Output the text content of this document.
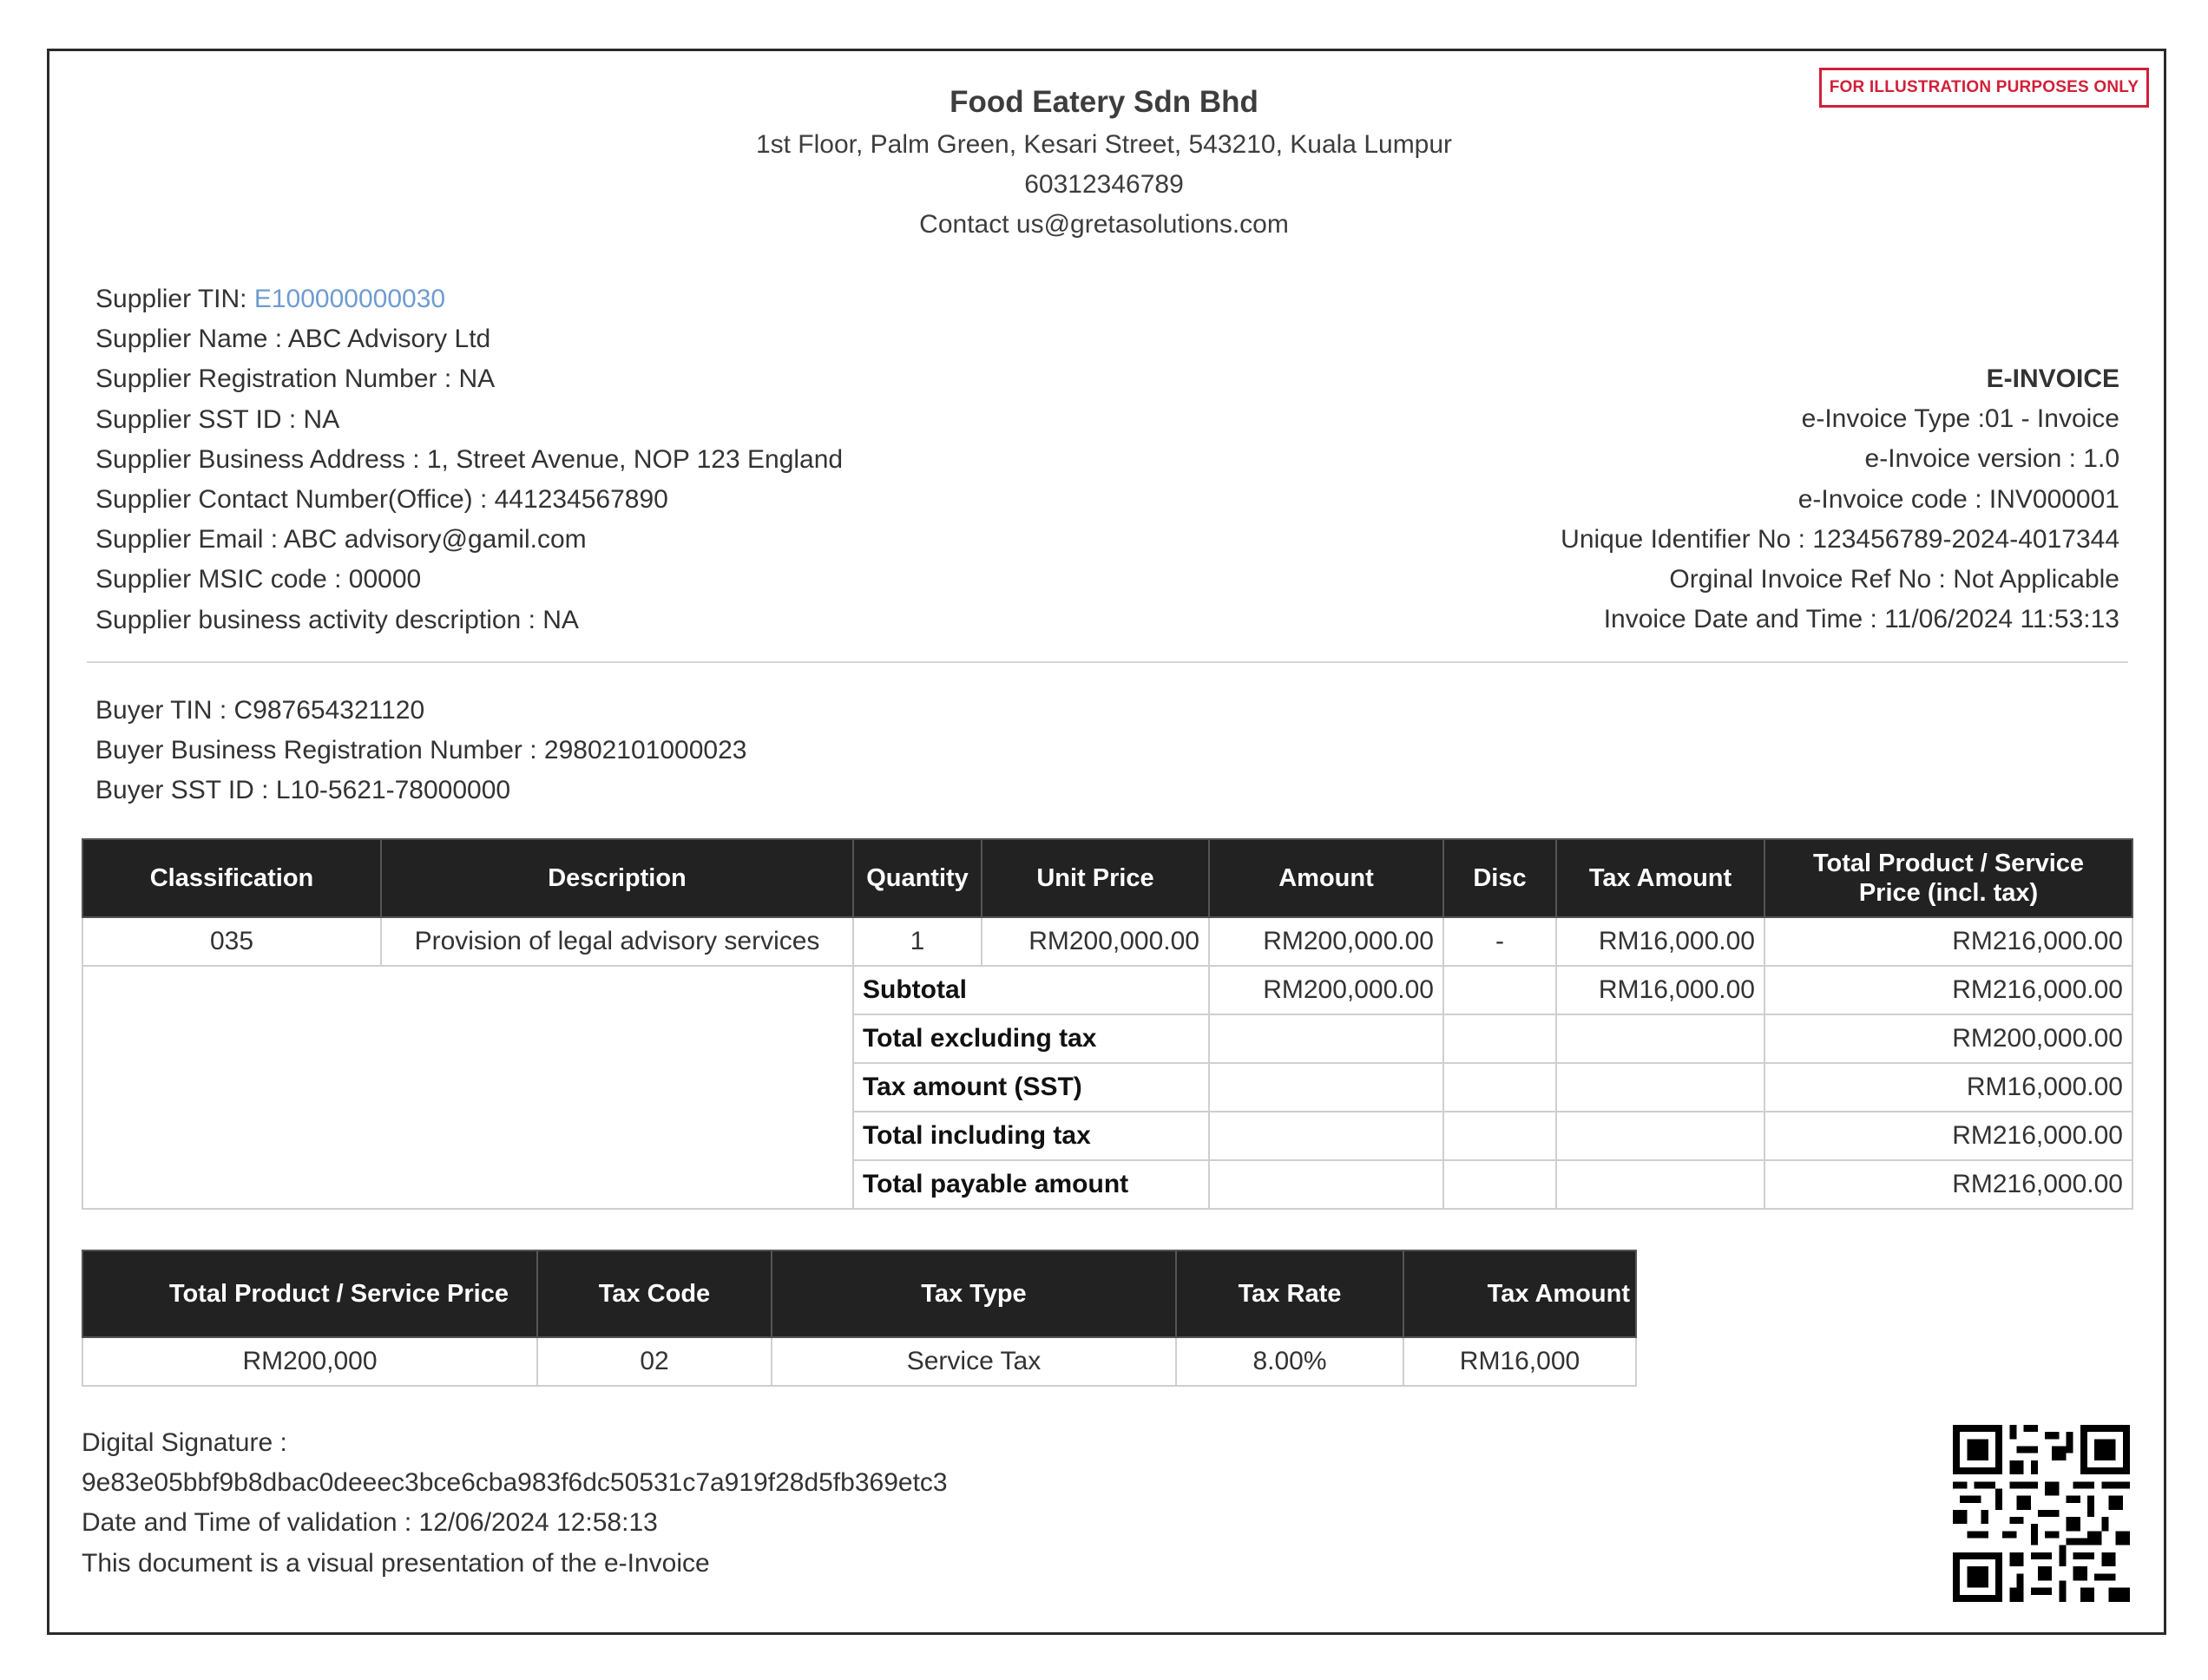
FOR ILLUSTRATION PURPOSES ONLY
Food Eatery Sdn Bhd
1st Floor, Palm Green, Kesari Street, 543210, Kuala Lumpur
60312346789
Contact us@gretasolutions.com
Supplier TIN: E100000000030
Supplier Name : ABC Advisory Ltd
Supplier Registration Number : NA
Supplier SST ID : NA
Supplier Business Address : 1, Street Avenue, NOP 123 England
Supplier Contact Number(Office) : 441234567890
Supplier Email : ABC advisory@gamil.com
Supplier MSIC code : 00000
Supplier business activity description : NA
E-INVOICE
e-Invoice Type :01 - Invoice
e-Invoice version : 1.0
e-Invoice code : INV000001
Unique Identifier No : 123456789-2024-4017344
Orginal Invoice Ref No : Not Applicable
Invoice Date and Time : 11/06/2024 11:53:13
Buyer TIN : C987654321120
Buyer Business Registration Number : 29802101000023
Buyer SST ID : L10-5621-78000000
Classification	Description	Quantity	Unit Price	Amount	Disc	Tax Amount	Total Product / Service
Price (incl. tax)

035	Provision of legal advisory services	1	RM200,000.00	RM200,000.00	-	RM16,000.00	RM216,000.00
		Subtotal		RM200,000.00		RM16,000.00	RM216,000.00
		Total excluding tax					RM200,000.00
		Tax amount (SST)					RM16,000.00
		Total including tax					RM216,000.00
		Total payable amount					RM216,000.00
Total Product / Service Price	Tax Code	Tax Type	Tax Rate	Tax Amount
RM200,000	02	Service Tax	8.00%	RM16,000
Digital Signature :
9e83e05bbf9b8dbac0deeec3bce6cba983f6dc50531c7a919f28d5fb369etc3
Date and Time of validation : 12/06/2024 12:58:13
This document is a visual presentation of the e-Invoice
